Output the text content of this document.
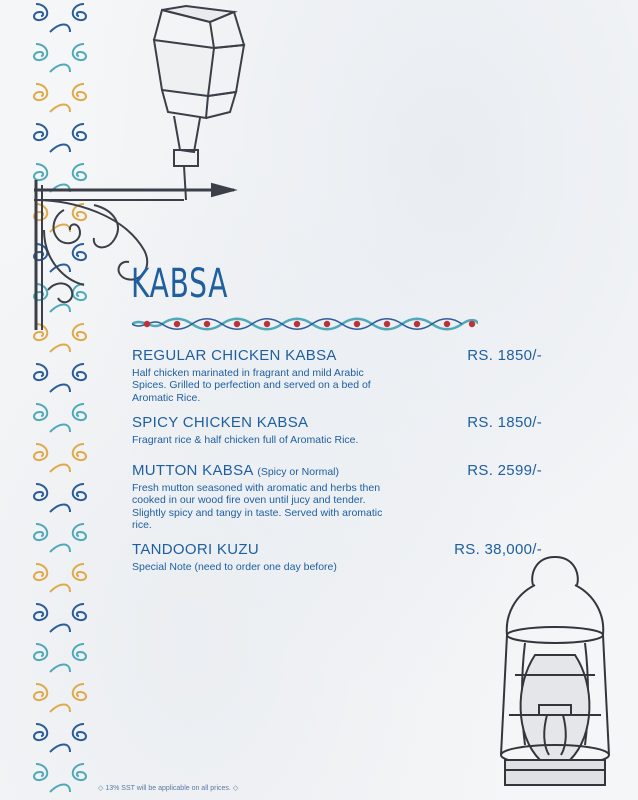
KABSA
REGULAR CHICKEN KABSA	RS. 1850/-
Half chicken marinated in fragrant and mild Arabic Spices. Grilled to perfection and served on a bed of Aromatic Rice.
SPICY CHICKEN KABSA	RS. 1850/-
Fragrant rice & half chicken full of Aromatic Rice.
MUTTON KABSA (Spicy or Normal)	RS. 2599/-
Fresh mutton seasoned with aromatic and herbs then cooked in our wood fire oven until jucy and tender. Slightly spicy and tangy in taste. Served with aromatic rice.
TANDOORI KUZU	RS. 38,000/-
Special Note (need to order one day before)
◇ 13% SST will be applicable on all prices. ◇
